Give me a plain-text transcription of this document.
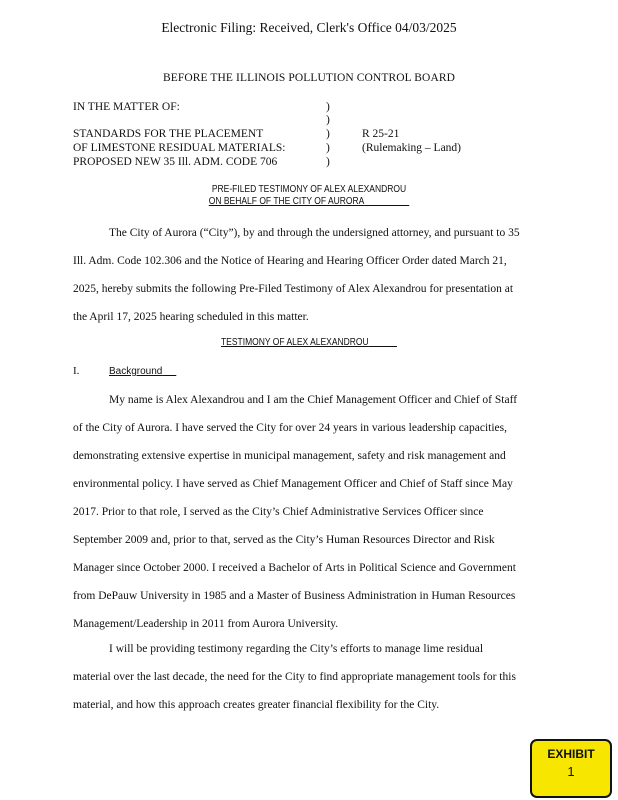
Electronic Filing: Received, Clerk's Office 04/03/2025
BEFORE THE ILLINOIS POLLUTION CONTROL BOARD
IN THE MATTER OF:
STANDARDS FOR THE PLACEMENT
OF LIMESTONE RESIDUAL MATERIALS:
PROPOSED NEW 35 Ill. ADM. CODE 706
)
)
)
)
)
R 25-21
(Rulemaking – Land)
PRE-FILED TESTIMONY OF ALEX ALEXANDROU
ON BEHALF OF THE CITY OF AURORA
The City of Aurora (“City”), by and through the undersigned attorney, and pursuant to 35
Ill. Adm. Code 102.306 and the Notice of Hearing and Hearing Officer Order dated March 21,
2025, hereby submits the following Pre-Filed Testimony of Alex Alexandrou for presentation at
the April 17, 2025 hearing scheduled in this matter.
TESTIMONY OF ALEX ALEXANDROU
I.	Background
My name is Alex Alexandrou and I am the Chief Management Officer and Chief of Staff
of the City of Aurora. I have served the City for over 24 years in various leadership capacities,
demonstrating extensive expertise in municipal management, safety and risk management and
environmental policy. I have served as Chief Management Officer and Chief of Staff since May
2017. Prior to that role, I served as the City’s Chief Administrative Services Officer since
September 2009 and, prior to that, served as the City’s Human Resources Director and Risk
Manager since October 2000. I received a Bachelor of Arts in Political Science and Government
from DePauw University in 1985 and a Master of Business Administration in Human Resources
Management/Leadership in 2011 from Aurora University.
I will be providing testimony regarding the City’s efforts to manage lime residual
material over the last decade, the need for the City to find appropriate management tools for this
material, and how this approach creates greater financial flexibility for the City.
EXHIBIT
1
